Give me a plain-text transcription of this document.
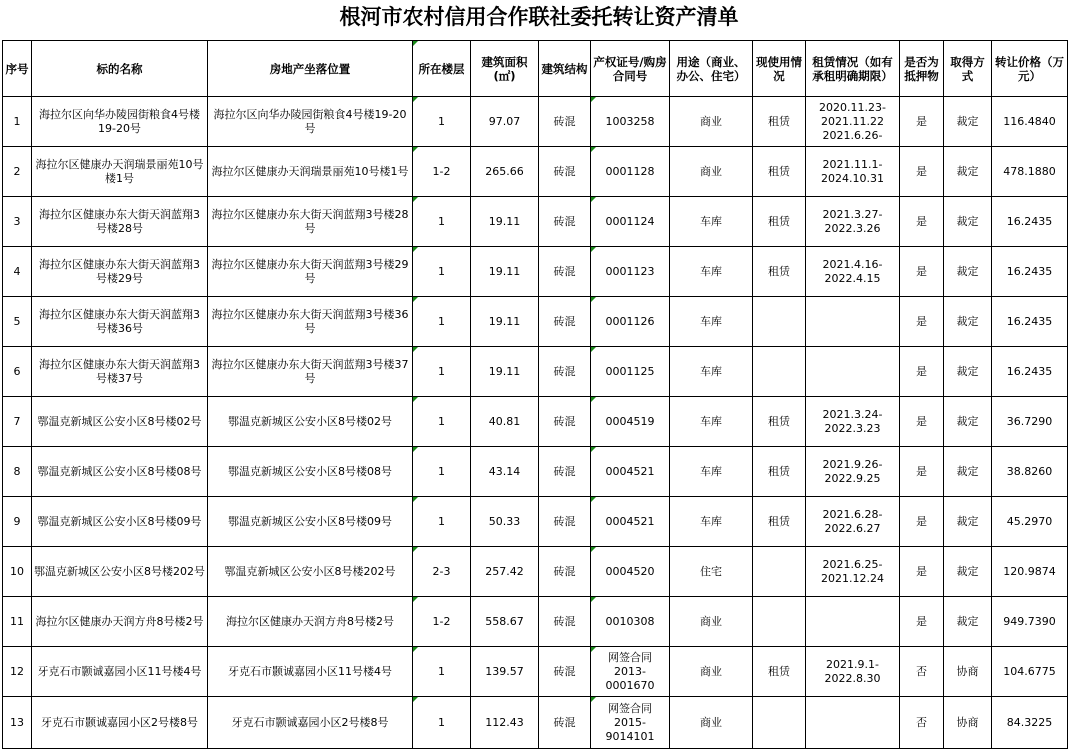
根河市农村信用合作联社委托转让资产清单
序号	标的名称	房地产坐落位置	所在楼层	建筑面积(㎡)	建筑结构	产权证号/购房合同号	用途（商业、办公、住宅）	现使用情况	租赁情况（如有承租明确期限）	是否为抵押物	取得方式	转让价格（万元）
1	海拉尔区向华办陵园街粮食4号楼19-20号	海拉尔区向华办陵园街粮食4号楼19-20号	1	97.07	砖混	1003258	商业	租赁	2020.11.23-2021.11.22 2021.6.26-	是	裁定	116.4840
2	海拉尔区健康办天润瑞景丽苑10号楼1号	海拉尔区健康办天润瑞景丽苑10号楼1号	1-2	265.66	砖混	0001128	商业	租赁	2021.11.1-2024.10.31	是	裁定	478.1880
3	海拉尔区健康办东大街天润蓝翔3号楼28号	海拉尔区健康办东大街天润蓝翔3号楼28号	1	19.11	砖混	0001124	车库	租赁	2021.3.27-2022.3.26	是	裁定	16.2435
4	海拉尔区健康办东大街天润蓝翔3号楼29号	海拉尔区健康办东大街天润蓝翔3号楼29号	1	19.11	砖混	0001123	车库	租赁	2021.4.16-2022.4.15	是	裁定	16.2435
5	海拉尔区健康办东大街天润蓝翔3号楼36号	海拉尔区健康办东大街天润蓝翔3号楼36号	1	19.11	砖混	0001126	车库			是	裁定	16.2435
6	海拉尔区健康办东大街天润蓝翔3号楼37号	海拉尔区健康办东大街天润蓝翔3号楼37号	1	19.11	砖混	0001125	车库			是	裁定	16.2435
7	鄂温克新城区公安小区8号楼02号	鄂温克新城区公安小区8号楼02号	1	40.81	砖混	0004519	车库	租赁	2021.3.24-2022.3.23	是	裁定	36.7290
8	鄂温克新城区公安小区8号楼08号	鄂温克新城区公安小区8号楼08号	1	43.14	砖混	0004521	车库	租赁	2021.9.26-2022.9.25	是	裁定	38.8260
9	鄂温克新城区公安小区8号楼09号	鄂温克新城区公安小区8号楼09号	1	50.33	砖混	0004521	车库	租赁	2021.6.28-2022.6.27	是	裁定	45.2970
10	鄂温克新城区公安小区8号楼202号	鄂温克新城区公安小区8号楼202号	2-3	257.42	砖混	0004520	住宅		2021.6.25-2021.12.24	是	裁定	120.9874
11	海拉尔区健康办天润方舟8号楼2号	海拉尔区健康办天润方舟8号楼2号	1-2	558.67	砖混	0010308	商业			是	裁定	949.7390
12	牙克石市颢诚嘉园小区11号楼4号	牙克石市颢诚嘉园小区11号楼4号	1	139.57	砖混	网签合同2013-0001670	商业	租赁	2021.9.1-2022.8.30	否	协商	104.6775
13	牙克石市颢诚嘉园小区2号楼8号	牙克石市颢诚嘉园小区2号楼8号	1	112.43	砖混	网签合同2015-9014101	商业			否	协商	84.3225
